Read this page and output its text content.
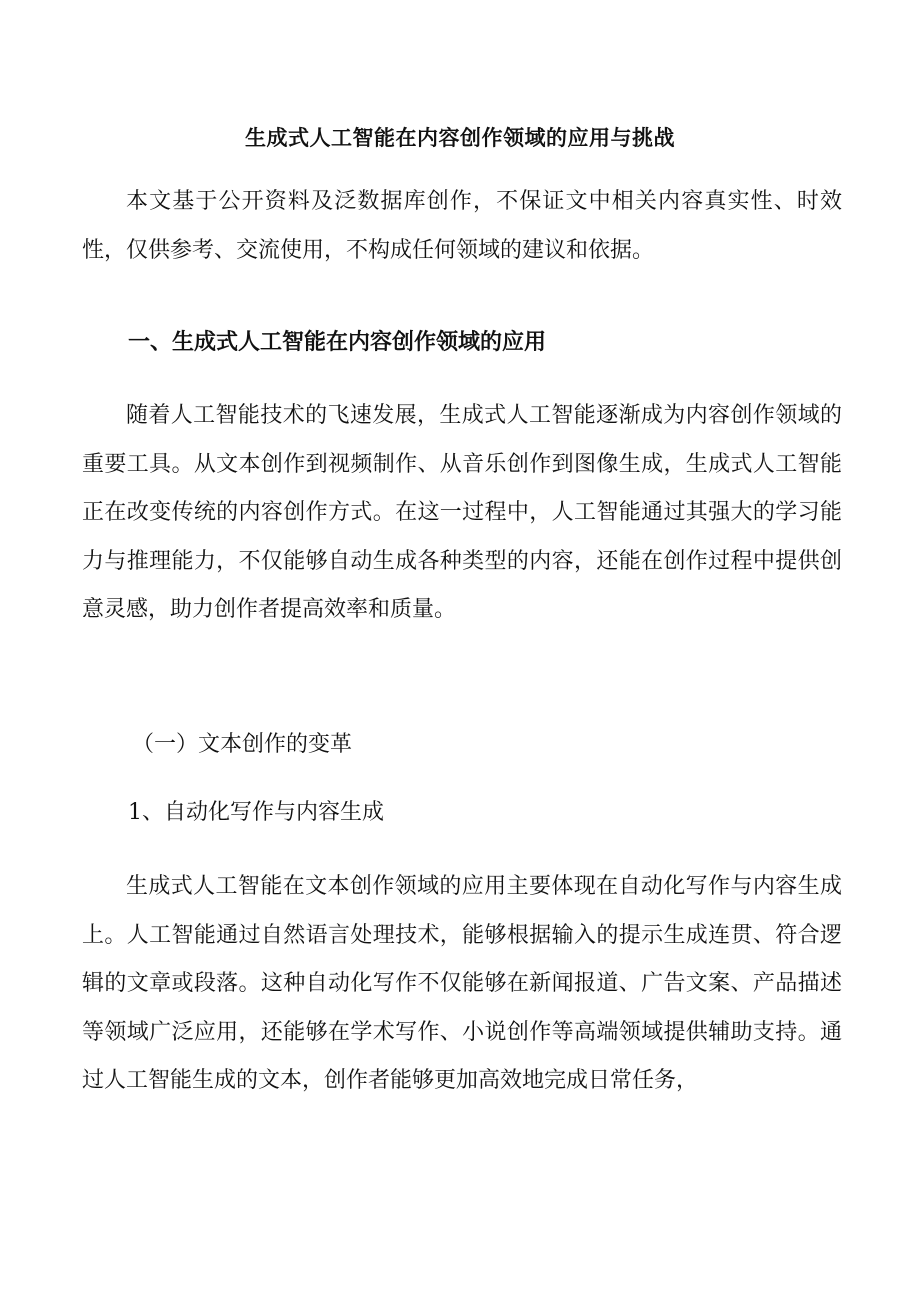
生成式人工智能在内容创作领域的应用与挑战

本文基于公开资料及泛数据库创作，不保证文中相关内容真实性、时效性，仅供参考、交流使用，不构成任何领域的建议和依据。

一、生成式人工智能在内容创作领域的应用

随着人工智能技术的飞速发展，生成式人工智能逐渐成为内容创作领域的重要工具。从文本创作到视频制作、从音乐创作到图像生成，生成式人工智能正在改变传统的内容创作方式。在这一过程中，人工智能通过其强大的学习能力与推理能力，不仅能够自动生成各种类型的内容，还能在创作过程中提供创意灵感，助力创作者提高效率和质量。

（一）文本创作的变革
1、自动化写作与内容生成

生成式人工智能在文本创作领域的应用主要体现在自动化写作与内容生成上。人工智能通过自然语言处理技术，能够根据输入的提示生成连贯、符合逻辑的文章或段落。这种自动化写作不仅能够在新闻报道、广告文案、产品描述等领域广泛应用，还能够在学术写作、小说创作等高端领域提供辅助支持。通过人工智能生成的文本，创作者能够更加高效地完成日常任务，
